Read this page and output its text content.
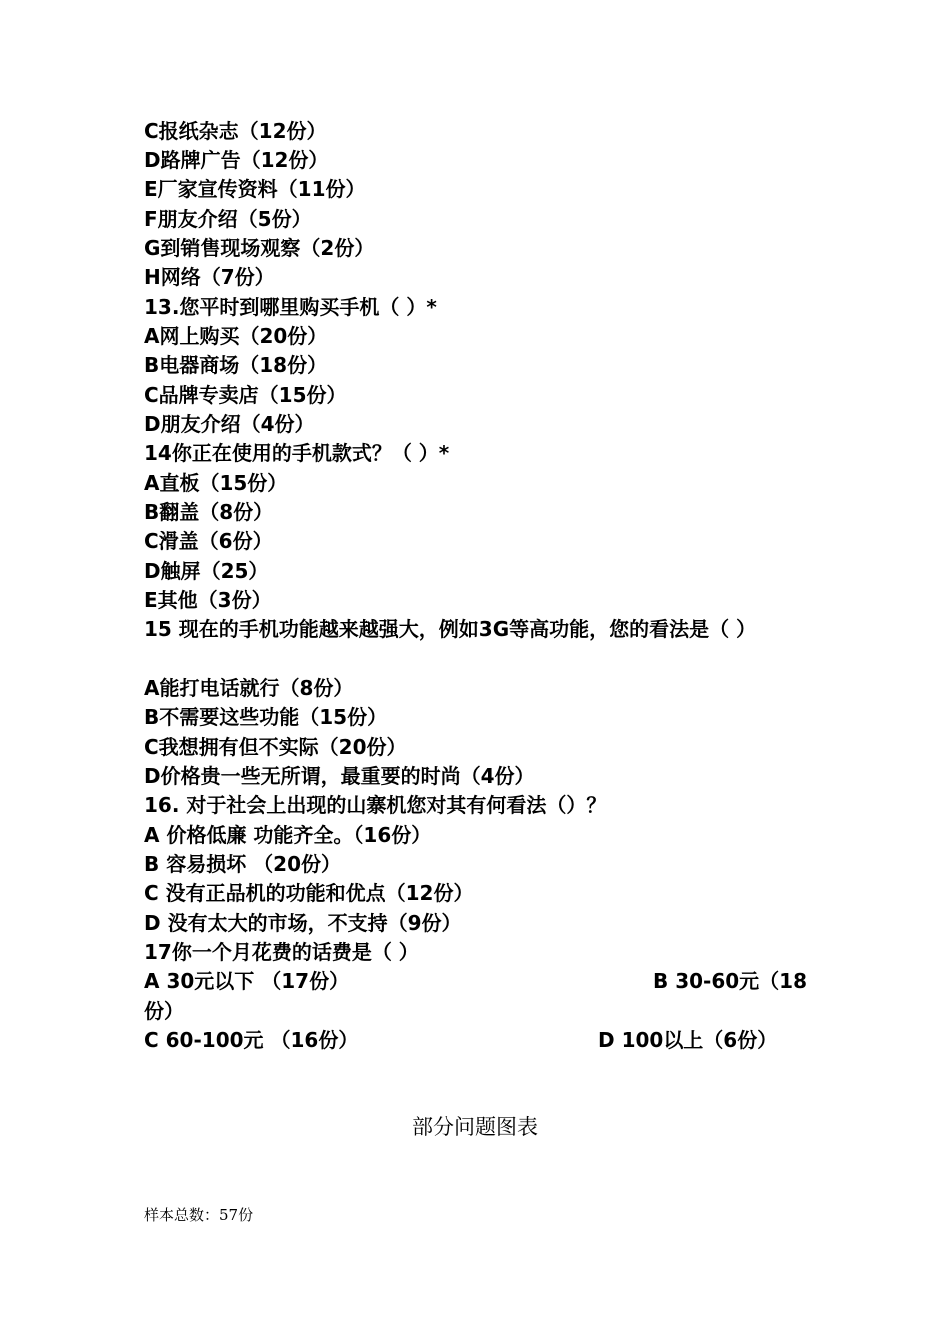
C报纸杂志（12份）
D路牌广告（12份）
E厂家宣传资料（11份）
F朋友介绍（5份）
G到销售现场观察（2份）
H网络（7份）
13.您平时到哪里购买手机（ ）*
A网上购买（20份）
B电器商场（18份）
C品牌专卖店（15份）
D朋友介绍（4份）
14你正在使用的手机款式？（ ）*
A直板（15份）
B翻盖（8份）
C滑盖（6份）
D触屏（25）
E其他（3份）
15 现在的手机功能越来越强大，例如3G等高功能，您的看法是（ ）
A能打电话就行（8份）
B不需要这些功能（15份）
C我想拥有但不实际（20份）
D价格贵一些无所谓，最重要的时尚（4份）
16. 对于社会上出现的山寨机您对其有何看法（）？
A 价格低廉 功能齐全。（16份）
B 容易损坏 （20份）
C 没有正品机的功能和优点（12份）
D 没有太大的市场，不支持（9份）
17你一个月花费的话费是（ ）
A 30元以下 （17份）	B 30-60元（18
份）
C 60-100元 （16份）	D 100以上（6份）
部分问题图表
样本总数：57份
